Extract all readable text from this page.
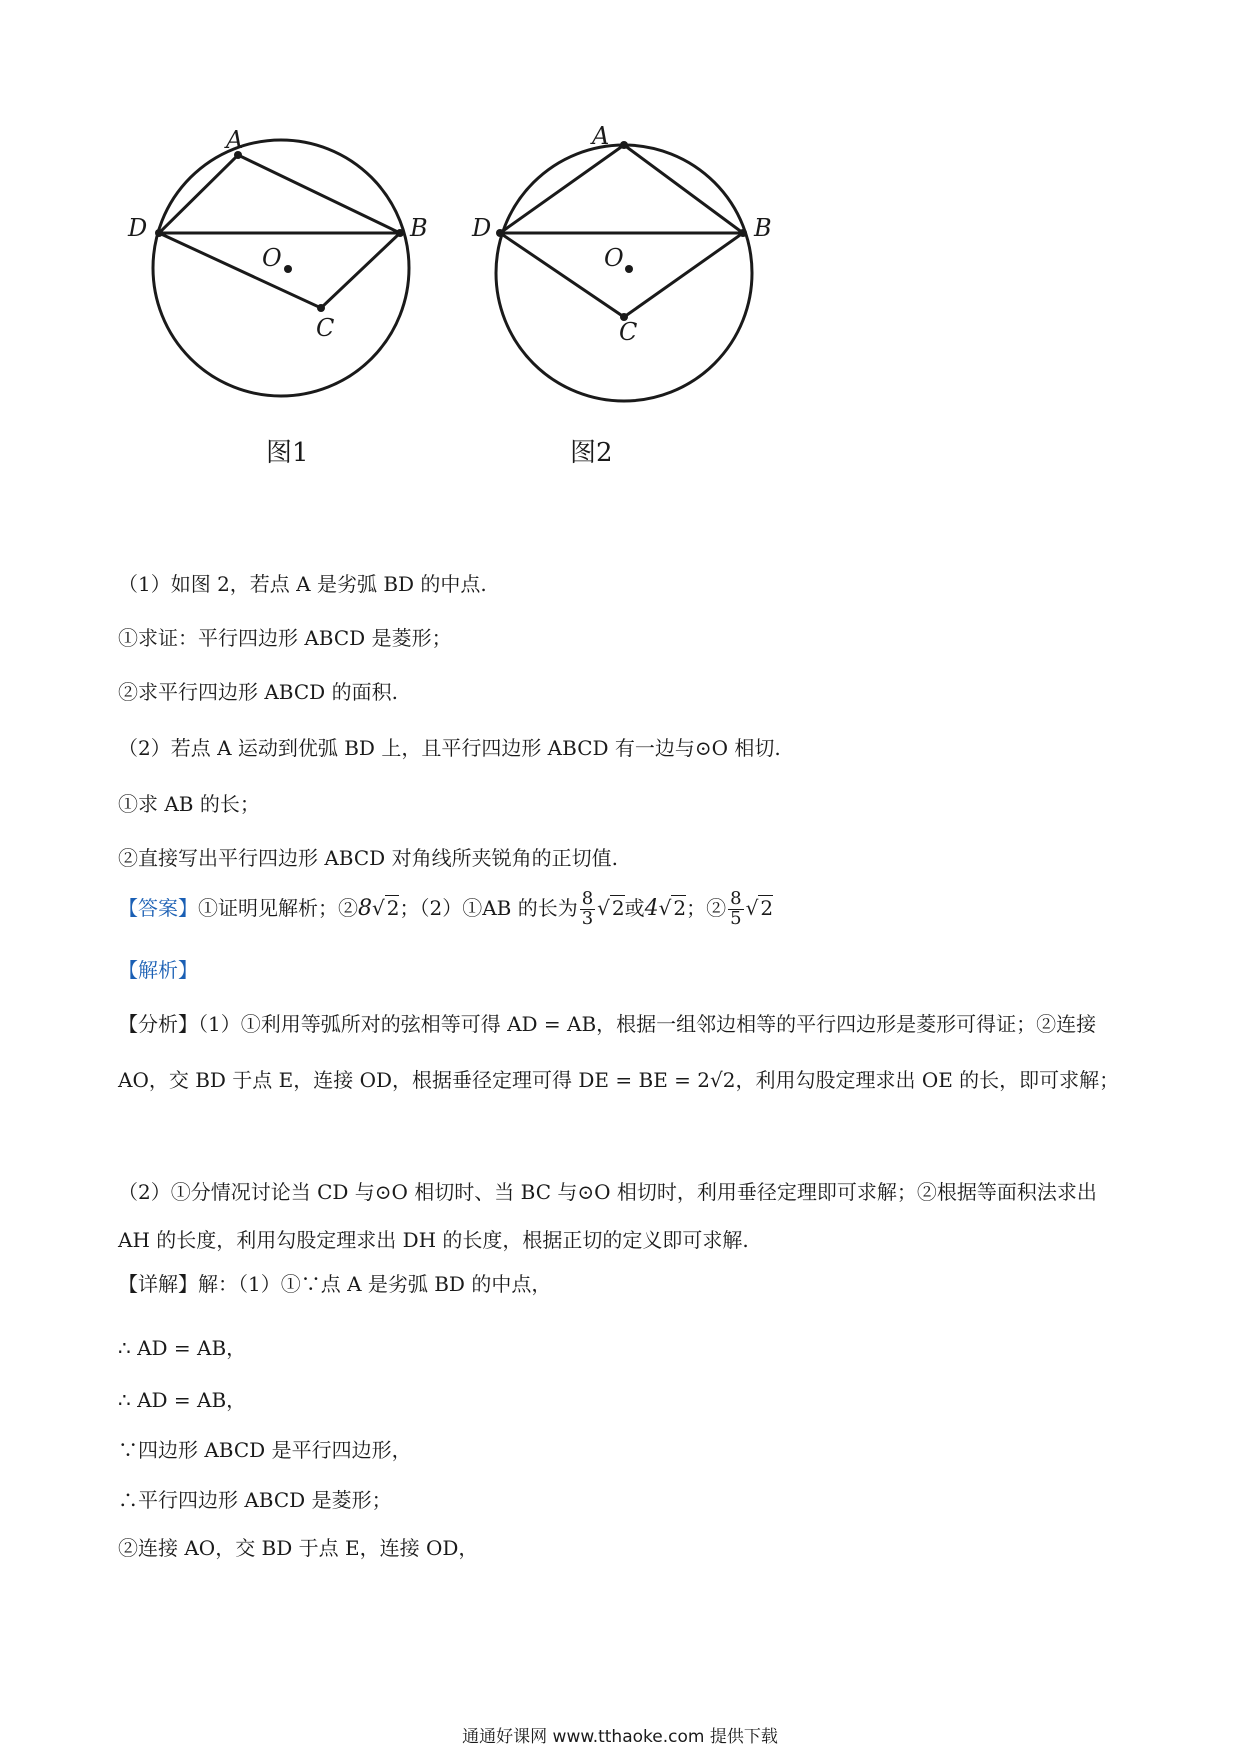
A
B
C
D
O
A
B
C
D
O
图1	图2
（1）如图 2，若点 A 是劣弧 BD 的中点.
①求证：平行四边形 ABCD 是菱形；
②求平行四边形 ABCD 的面积.
（2）若点 A 运动到优弧 BD 上，且平行四边形 ABCD 有一边与⊙O 相切.
①求 AB 的长；
②直接写出平行四边形 ABCD 对角线所夹锐角的正切值.
【答案】①证明见解析；②8√ 2；（2）①AB 的长为 $\frac{8}{3}$ √ 2或4√ 2；② $\frac{8}{5}$ √ 2
【解析】
【分析】（1）①利用等弧所对的弦相等可得 AD = AB，根据一组邻边相等的平行四边形是菱形可得证；②连接 AO，交 BD 于点 E，连接 OD，根据垂径定理可得 DE = BE = 2√2，利用勾股定理求出 OE 的长，即可求解；
（2）①分情况讨论当 CD 与⊙O 相切时、当 BC 与⊙O 相切时，利用垂径定理即可求解；②根据等面积法求出 AH 的长度，利用勾股定理求出 DH 的长度，根据正切的定义即可求解.
【详解】解：（1）①∵点 A 是劣弧 BD 的中点，
∴ AD = AB，
∴ AD = AB，
∵四边形 ABCD 是平行四边形，
∴平行四边形 ABCD 是菱形；
②连接 AO，交 BD 于点 E，连接 OD，
通通好课网 www.tthaoke.com 提供下载
